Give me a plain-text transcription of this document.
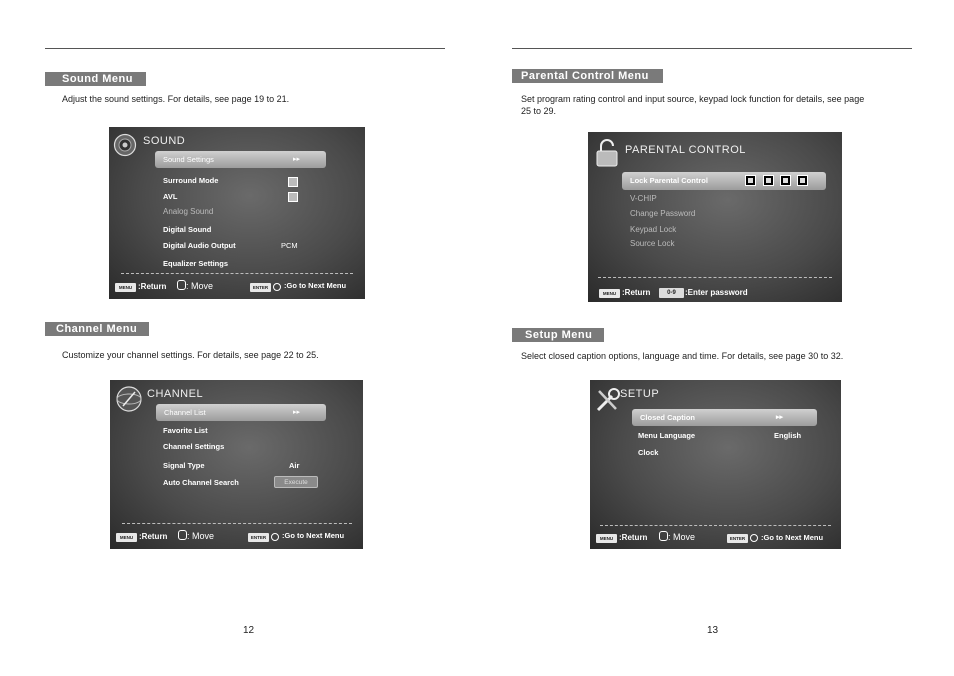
Sound Menu
Adjust the sound settings. For details, see page 19 to 21.
SOUND
Sound Settings	▸▸
Surround Mode
AVL
Analog Sound
Digital Sound
Digital Audio Output	PCM
Equalizer Settings
MENU :Return : Move	ENTER	:Go to Next Menu
Channel Menu
Customize your channel settings. For details, see page 22 to 25.
CHANNEL
Channel List	▸▸
Favorite List
Channel Settings
Signal Type	Air
Auto Channel Search	Execute
MENU :Return : Move	ENTER	:Go to Next Menu
Parental Control Menu
Set program rating control and input source, keypad lock function for details, see page
25 to 29.
PARENTAL CONTROL
Lock Parental Control
V-CHIP
Change Password
Keypad Lock
Source Lock
MENU :Return	0-9	:Enter password
Setup Menu
Select closed caption options, language and time. For details, see page 30 to 32.
SETUP
Closed Caption	▸▸
Menu Language	English
Clock
MENU :Return : Move	ENTER	:Go to Next Menu
12	13
